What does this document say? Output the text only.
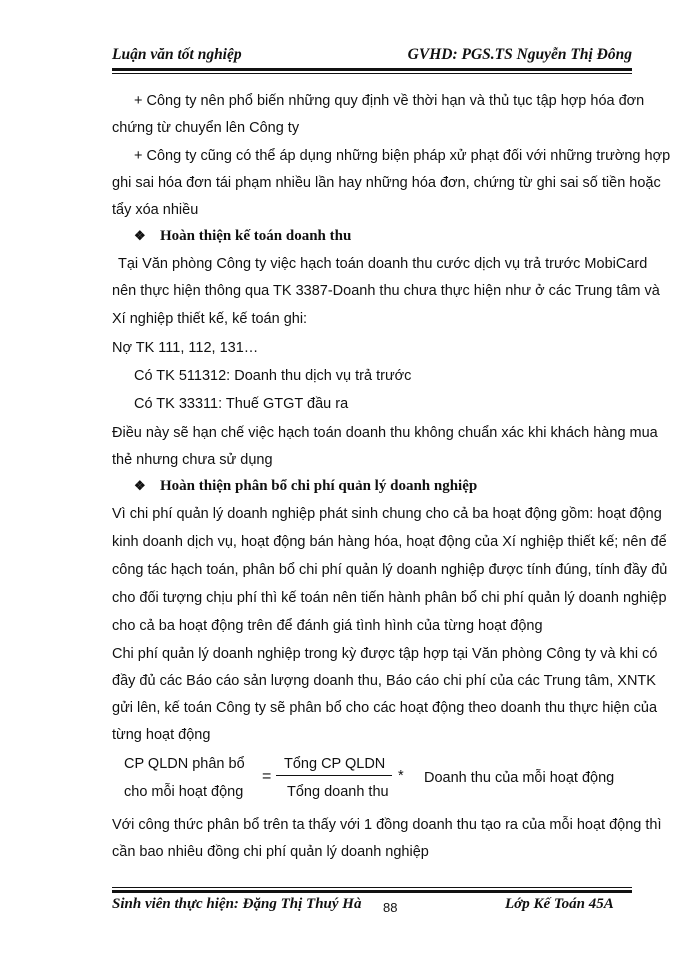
Luận văn tốt nghiệp	GVHD: PGS.TS Nguyễn Thị Đông
+ Công ty nên phổ biến những quy định về thời hạn và thủ tục tập hợp hóa đơn
chứng từ chuyển lên Công ty
+ Công ty cũng có thể áp dụng những biện pháp xử phạt đối với những trường hợp
ghi sai hóa đơn tái phạm nhiều lần hay những hóa đơn, chứng từ ghi sai số tiền hoặc
tẩy xóa nhiều
❖ Hoàn thiện kế toán doanh thu
Tại Văn phòng Công ty việc hạch toán doanh thu cước dịch vụ trả trước MobiCard
nên thực hiện thông qua TK 3387-Doanh thu chưa thực hiện như ở các Trung tâm và
Xí nghiệp thiết kế, kế toán ghi:
Nợ TK 111, 112, 131…
Có TK 511312: Doanh thu dịch vụ trả trước
Có TK 33311: Thuế GTGT đầu ra
Điều này sẽ hạn chế việc hạch toán doanh thu không chuẩn xác khi khách hàng mua
thẻ nhưng chưa sử dụng
❖ Hoàn thiện phân bổ chi phí quản lý doanh nghiệp
Vì chi phí quản lý doanh nghiệp phát sinh chung cho cả ba hoạt động gồm: hoạt động
kinh doanh dịch vụ, hoạt động bán hàng hóa, hoạt động của Xí nghiệp thiết kế; nên để
công tác hạch toán, phân bổ chi phí quản lý doanh nghiệp được tính đúng, tính đầy đủ
cho đối tượng chịu phí thì kế toán nên tiến hành phân bổ chi phí quản lý doanh nghiệp
cho cả ba hoạt động trên để đánh giá tình hình của từng hoạt động
Chi phí quản lý doanh nghiệp trong kỳ được tập hợp tại Văn phòng Công ty và khi có
đầy đủ các Báo cáo sản lượng doanh thu, Báo cáo chi phí của các Trung tâm, XNTK
gửi lên, kế toán Công ty sẽ phân bổ cho các hoạt động theo doanh thu thực hiện của
từng hoạt động
CP QLDN phân bổ
cho mỗi hoạt động
=
Tổng CP QLDN
Tổng doanh thu
* Doanh thu của mỗi hoạt động
Với công thức phân bổ trên ta thấy với 1 đồng doanh thu tạo ra của mỗi hoạt động thì
cần bao nhiêu đồng chi phí quản lý doanh nghiệp
Sinh viên thực hiện: Đặng Thị Thuý Hà 88	Lớp Kế Toán 45A
